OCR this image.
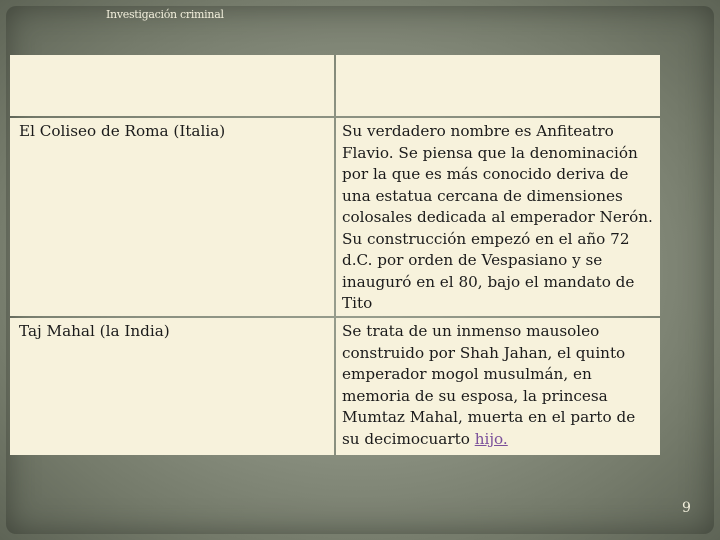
Investigación criminal
característica
El Coliseo de Roma (Italia)	Su verdadero nombre es Anfiteatro Flavio. Se piensa que la denominación por la que es más conocido deriva de una estatua cercana de dimensiones colosales dedicada al emperador Nerón. Su construcción empezó en el año 72 d.C. por orden de Vespasiano y se inauguró en el 80, bajo el mandato de Tito
Taj Mahal (la India)	Se trata de un inmenso mausoleo construido por Shah Jahan, el quinto emperador mogol musulmán, en memoria de su esposa, la princesa Mumtaz Mahal, muerta en el parto de su decimocuarto hijo.
9
